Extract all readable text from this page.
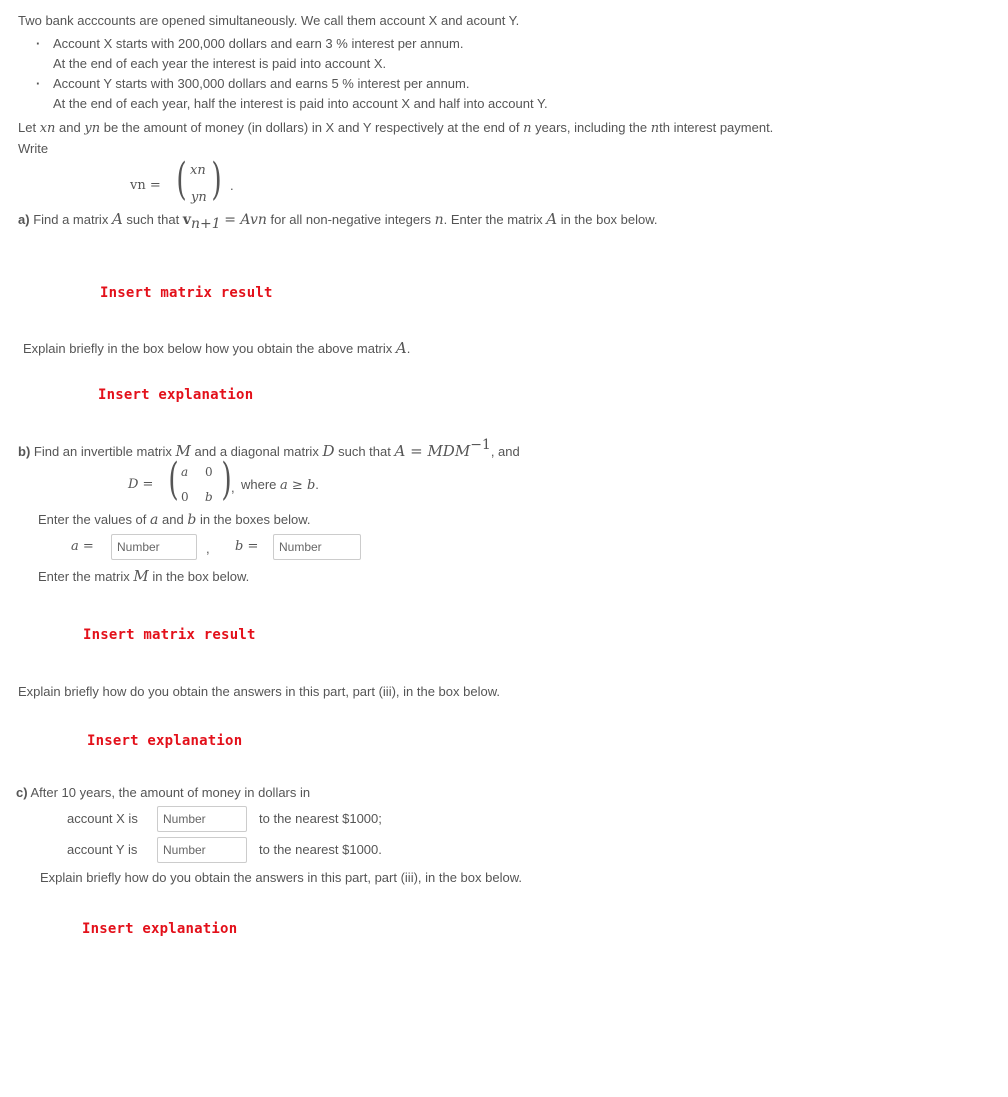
Two bank acccounts are opened simultaneously. We call them account X and acount Y.
· Account X starts with 200,000 dollars and earn 3 % interest per annum.
At the end of each year the interest is paid into account X.
· Account Y starts with 300,000 dollars and earns 5 % interest per annum.
At the end of each year, half the interest is paid into account X and half into account Y.
Let xn and yn be the amount of money (in dollars) in X and Y respectively at the end of n years, including the nth interest payment.
Write
vn = ( xn
yn ) .
a) Find a matrix A such that vn+1 = Avn for all non-negative integers n. Enter the matrix A in the box below.
Insert matrix result
Explain briefly in the box below how you obtain the above matrix A.
Insert explanation
b) Find an invertible matrix M and a diagonal matrix D such that A = MDM−1, and
D = ( a 0
0 b ) , where a ≥ b.
Enter the values of a and b in the boxes below.
a =
Number	, b =
Number
Enter the matrix M in the box below.
Insert matrix result
Explain briefly how do you obtain the answers in this part, part (iii), in the box below.
Insert explanation
c) After 10 years, the amount of money in dollars in
account X is
Number	to the nearest $1000;
account Y is
Number	to the nearest $1000.
Explain briefly how do you obtain the answers in this part, part (iii), in the box below.
Insert explanation
